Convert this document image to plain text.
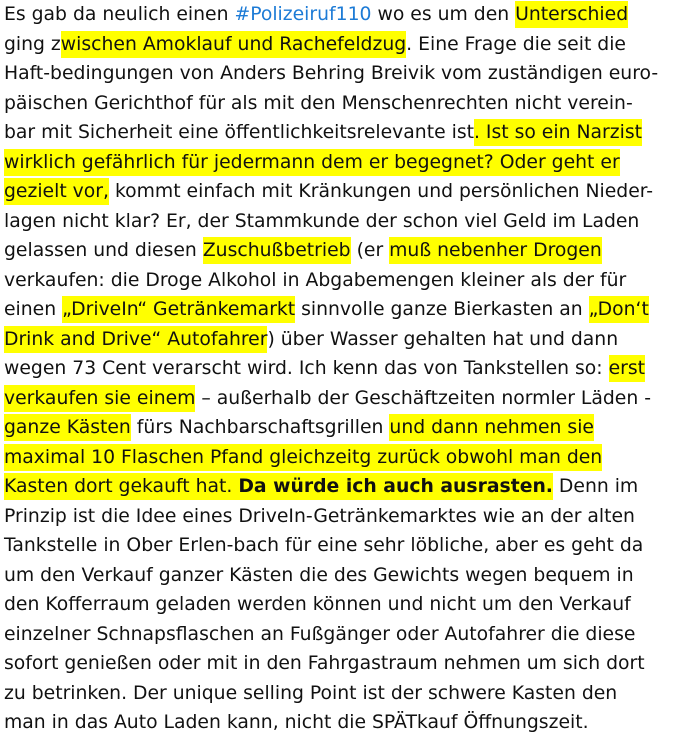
Es gab da neulich einen #Polizeiruf110 wo es um den Unterschied
ging zwischen Amoklauf und Rachefeldzug. Eine Frage die seit die
Haft-bedingungen von Anders Behring Breivik vom zuständigen euro-
päischen Gerichthof für als mit den Menschenrechten nicht verein-
bar mit Sicherheit eine öffentlichkeitsrelevante ist. Ist so ein Narzist
wirklich gefährlich für jedermann dem er begegnet? Oder geht er
gezielt vor, kommt einfach mit Kränkungen und persönlichen Nieder-
lagen nicht klar? Er, der Stammkunde der schon viel Geld im Laden
gelassen und diesen Zuschußbetrieb (er muß nebenher Drogen
verkaufen: die Droge Alkohol in Abgabemengen kleiner als der für
einen „DriveIn“ Getränkemarkt sinnvolle ganze Bierkasten an „Don‘t
Drink and Drive“ Autofahrer) über Wasser gehalten hat und dann
wegen 73 Cent verarscht wird. Ich kenn das von Tankstellen so: erst
verkaufen sie einem – außerhalb der Geschäftzeiten normler Läden -
ganze Kästen fürs Nachbarschaftsgrillen und dann nehmen sie
maximal 10 Flaschen Pfand gleichzeitg zurück obwohl man den
Kasten dort gekauft hat. Da würde ich auch ausrasten. Denn im
Prinzip ist die Idee eines DriveIn-Getränkemarktes wie an der alten
Tankstelle in Ober Erlen-bach für eine sehr löbliche, aber es geht da
um den Verkauf ganzer Kästen die des Gewichts wegen bequem in
den Kofferraum geladen werden können und nicht um den Verkauf
einzelner Schnapsflaschen an Fußgänger oder Autofahrer die diese
sofort genießen oder mit in den Fahrgastraum nehmen um sich dort
zu betrinken. Der unique selling Point ist der schwere Kasten den
man in das Auto Laden kann, nicht die SPÄTkauf Öffnungszeit.
